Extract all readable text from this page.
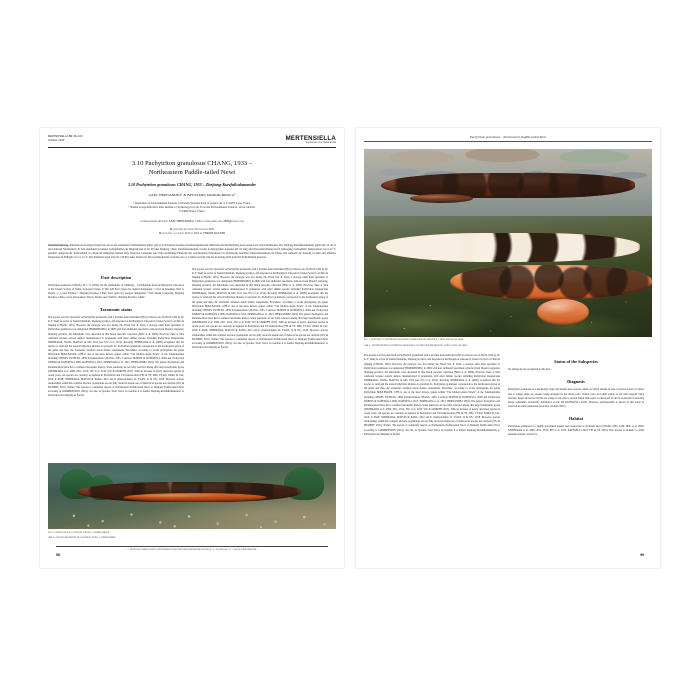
MERTENSIELLA 30: 98–103
October 2023	MERTENSIELLA
Supplement zur Salamandra
3.10 Pachytriton granulosus CHANG, 1933 –
Northeastern Paddle-tailed Newt
3.10 Pachytriton granulosus CHANG, 1933 – Zhejiang-Kurzfußsalamander
AXEL HERNANDEZ¹ & BENJAMIN MONOD-BROCA²
¹ Department of Environmental Sciences, University Pasquale Paoli of Corsica, Av. 9, F-20250 Corte, France
² Student at AgroParisTech, Paris Institute of Technology for Life, Food and Environmental Sciences, 14 rue Girardet,
F-54000 Nancy, France
Corresponding Author: AXEL HERNANDEZ, e-Mail: hernandez.axel.2989@gmail.com
Manuscript received: 05 January 2021
Manuscript accepted: 20 July 2021 by PHILIPP WAGNER
Zusammenfassung. Innerhalb der Gattung Pachytriton, die zu den asiatischen Salamandriden gehört, gibt es trotz Einsatz moderner molekulargenetischer Methoden und Beschreibung neuer Arten noch viele Unklarheiten. Der Zhejiang-Kurzfußsalamander gehört mit 10 cm zu den kleineren Salamandern. Er lebt endemisch in kleinen Gebirgsbächen der Bergregionen in der Provinz Zhejiang, China. Kurzfußsalamander werden in mittelgroßen Aquarien (60 cm lang) mit Wasserumwälzung bei im Jahresgang wechselnden Temperaturen von 2–22 °C gehalten. Aufgrund der Territorialität vor allem der Männchen müssen viele Verstecke vorhanden sein. Eine reichhaltige Fütterung mit verschiedenen Futtertieren bei gleichzeitig deutlicher Temperatursenkung im Winter. Die Aufzucht der Paarung ist dann eine effektive Temperatur im Frühjahr von 12–14 °C. Die Weibchen legen etwa 50–150 Eier unter Steinen ab. Die Geschlechtsreife wird mit etwa 2–3 Jahren erreicht. Die Art ist bislang nicht nach IUCN-Richtlinien bewertet.
First description

Pachytriton granulosus CHANG, M. L. Y. (1933): On the salamanders of Chekiang. – Contributions from the Biological Laboratory of the Science Society of China, Zoological Series, 9: 305–328. Terra typica by original designation: "a river in Kaounien, West to Tientai. (…), near Taichow", Zhejiang Province, China. Terra typica by neotype designation: "from Mount Longwang, Zhejiang Province, China, a river in Kaounien, West to Tientai, near Taichow, Zhejiang Province, China".

Taxonomic status

The species was first described as Pachytriton granulosus with a juvenile male individual (JH14) collected on 24 March 1932 by M. K. F. Wang in a river of Tientai Mountain, Zhejiang province, and deposited at the Biological Laboratory Science Society of China in Nanjing (CHANG 1933). However, the holotype was lost during the World War II. Then, a neotype adult male specimen of Pachytriton granulosus was designated (HMSI00810001) in 2009 with four additional specimens collected from Mount Longwang, Zhejiang province. All individuals were deposited in Shu Maoji personal collection (HOU et al. 2009). However, there is little confusion because several authors misinterpreted P. granulosus with other similar species including Pachytriton moiqueculus NISHIKAWA, JIANG, MATSUI, & MO, 2011 (see WU et al. 2012). Recently, NISHIKAWA et al. (2009) recognized that the species is valid and the taxon Pachytriton labiatus as synonym. Id. Pachytriton granulosus corresponds to the northeastern group of the genus and thus, the taxonomic situation needs further assessments. Elsewhere, according to recent phylogenies the genus Pachytriton BOULENGER, 1878 is one of the most diverse genera within "The Modern Asian Newts" of the Salamandridae including CHIOPS TSCHUDI, 1838, Paramesotriton CHANG, 1935, Laotriton DUBOIS & RAFFAËLLI, 2009 and Pachytriton DUBOIS & RAFFAËLLI 2009, RAFFAËLLI 2013, NISHIKAWA et al. 2013, HERNANDEZ 2019). The genera Pachytriton and Paramesotriton have had a confused taxonomic history. Some questions are not fully resolved among this large holophyletic group (NISHIKAWA et al. 2009, 2011, 2012; WU et al. 2010, WU & MURPHY 2015). With an increase of newly described species in recent years, ten species are currently recognized in Pachytriton and 8 Paramesotriton (FEI & YE 1982, YUAN, ZHAO & CAI, 2016; P. AMJI; NISHIKAWA, MATSUI & JIANG, 2012 and P. airuboon/Suibo LI, YUAN, LI & WU, 2018. However, species relationships within this complex and new populations are not fully resolved despite use of multi-locus species tree analysis (WU & MURPHY 2015). Names: The species is commonly known as Northeastern Paddle-tailed Newt or Zhejiang Paddle-tailed Newt according to WAMBRESSON (2014), but also as Spotless Stout Newt. In German it is named Zhejiang-Kurzfußsalamander or Pachytriton des Zhejiang in French.

The species was first described as Pachytriton granulosus with a juvenile male individual (JH14) collected on 24 March 1932 by M. K. F. Wang in a river of Tientai Mountain, Zhejiang province, and deposited at the Biological Laboratory Science Society of China in Nanjing (CHANG 1933). However, the holotype was lost during the World War II. Then, a neotype adult male specimen of Pachytriton granulosus was designated (HMSI00810001) in 2009 with four additional specimens collected from Mount Longwang, Zhejiang province. All individuals were deposited in Shu Maoji personal collection (HOU et al. 2009). However, there is little confusion because several authors misinterpreted P. granulosus with other similar species including Pachytriton moiqueculus NISHIKAWA, JIANG, MATSUI, & MO, 2011 (see WU et al. 2012). Recently, NISHIKAWA et al. (2009) recognized that the species is valid and the taxon Pachytriton labiatus as synonym. Id. Pachytriton granulosus corresponds to the northeastern group of the genus and thus, the taxonomic situation needs further assessments. Elsewhere, according to recent phylogenies the genus Pachytriton BOULENGER, 1878 is one of the most diverse genera within "The Modern Asian Newts" of the Salamandridae including CHIOPS TSCHUDI, 1838, Paramesotriton CHANG, 1935, Laotriton DUBOIS & RAFFAËLLI, 2009 and Pachytriton DUBOIS & RAFFAËLLI 2009, RAFFAËLLI 2013, NISHIKAWA et al. 2013, HERNANDEZ 2019). The genera Pachytriton and Paramesotriton have had a confused taxonomic history. Some questions are not fully resolved among this large holophyletic group (NISHIKAWA et al. 2009, 2011, 2012; WU et al. 2010, WU & MURPHY 2015). With an increase of newly described species in recent years, ten species are currently recognized in Pachytriton and 8 Paramesotriton (FEI & YE 1982, YUAN, ZHAO & CAI, 2016; P. AMJI; NISHIKAWA, MATSUI & JIANG, 2012 and P. airuboon/Suibo LI, YUAN, LI & WU, 2018. However, species relationships within this complex and new populations are not fully resolved despite use of multi-locus species tree analysis (WU & MURPHY 2015). Names: The species is commonly known as Northeastern Paddle-tailed Newt or Zhejiang Paddle-tailed Newt according to WAMBRESSON (2014), but also as Spotless Stout Newt. In German it is named Zhejiang-Kurzfußsalamander or Pachytriton des Zhejiang in French.

Fig. 2: Adult male in captivity. Photo: A. HERNANDEZ
Abb. 2: Adultes Männchen im Aquarium. Foto: A. HERNANDEZ
© Deutsche Gesellschaft für Herpetologie und Terrarienkunde (DGHT) e. V., Vogelsang 27, 71126 Salzmannsdorf
98
Pachytriton granulosus – Northeastern Paddle-tailed Newt
Fig. 1: Topotypic Pachytriton granulosus from Zhejiang province, China. Photo: M. HOU.
Abb. 1: Topotypischer Pachytriton granulosus aus der Provinz Zhejiang, China. Foto: M. HOU.

The species was first described as Pachytriton granulosus with a juvenile male individual (JH14) collected on 24 March 1932 by M. K. F. Wang in a river of Tientai Mountain, Zhejiang province, and deposited at the Biological Laboratory Science Society of China in Nanjing (CHANG 1933). However, the holotype was lost during the World War II. Then, a neotype adult male specimen of Pachytriton granulosus was designated (HMSI00810001) in 2009 with four additional specimens collected from Mount Longwang, Zhejiang province. All individuals were deposited in Shu Maoji personal collection (HOU et al. 2009). However, there is little confusion because several authors misinterpreted P. granulosus with other similar species including Pachytriton moiqueculus NISHIKAWA, JIANG, MATSUI, & MO, 2011 (see WU et al. 2012). Recently, NISHIKAWA et al. (2009) recognized that the species is valid and the taxon Pachytriton labiatus as synonym. Id. Pachytriton granulosus corresponds to the northeastern group of the genus and thus, the taxonomic situation needs further assessments. Elsewhere, according to recent phylogenies the genus Pachytriton BOULENGER, 1878 is one of the most diverse genera within "The Modern Asian Newts" of the Salamandridae including CHIOPS TSCHUDI, 1838, Paramesotriton CHANG, 1935, Laotriton DUBOIS & RAFFAËLLI, 2009 and Pachytriton DUBOIS & RAFFAËLLI 2009, RAFFAËLLI 2013, NISHIKAWA et al. 2013, HERNANDEZ 2019). The genera Pachytriton and Paramesotriton have had a confused taxonomic history. Some questions are not fully resolved among this large holophyletic group (NISHIKAWA et al. 2009, 2011, 2012; WU et al. 2010, WU & MURPHY 2015). With an increase of newly described species in recent years, ten species are currently recognized in Pachytriton and 8 Paramesotriton (FEI & YE 1982, YUAN, ZHAO & CAI, 2016; P. AMJI; NISHIKAWA, MATSUI & JIANG, 2012 and P. airuboon/Suibo LI, YUAN, LI & WU, 2018. However, species relationships within this complex and new populations are not fully resolved despite use of multi-locus species tree analysis (WU & MURPHY 2015). Names: The species is commonly known as Northeastern Paddle-tailed Newt or Zhejiang Paddle-tailed Newt according to WAMBRESSON (2014), but also as Spotless Stout Newt. In German it is named Zhejiang-Kurzfußsalamander or Pachytriton des Zhejiang in French.

Status of the Subspecies

No subspecies are recognized to this date.

Diagnosis

Pachytriton granulosus is a moderately large and slender newt species. Males are much smaller in size. Lateral red spots or lateral end to orange stripe are present, being arranged on the dorsal parts. Ventral parts are bright orange to red with irregular black blotches. Upper and lower tail fins are orange to red. One to several bluish white spots on distal part of tail are noticeable in breeding males, sometimes extensively distributed on the tail (RAFFAËLLI 2013). However, polymorphism is known in this taxon as observed in some populations (own data, 02 April 2021).

Habitat

Pachytriton granulosus is a highly specialized aquatic and crepuscular to nocturnal newt (CHANG 1933, 1936; HOU et al. 2009, NISHIKAWA et al. 2009, 2011, 2012; FEI et al. 2012; RAFFAËLLI 2013; FEI & YE 2016). This species is endemic to small montane streams covered by

99
